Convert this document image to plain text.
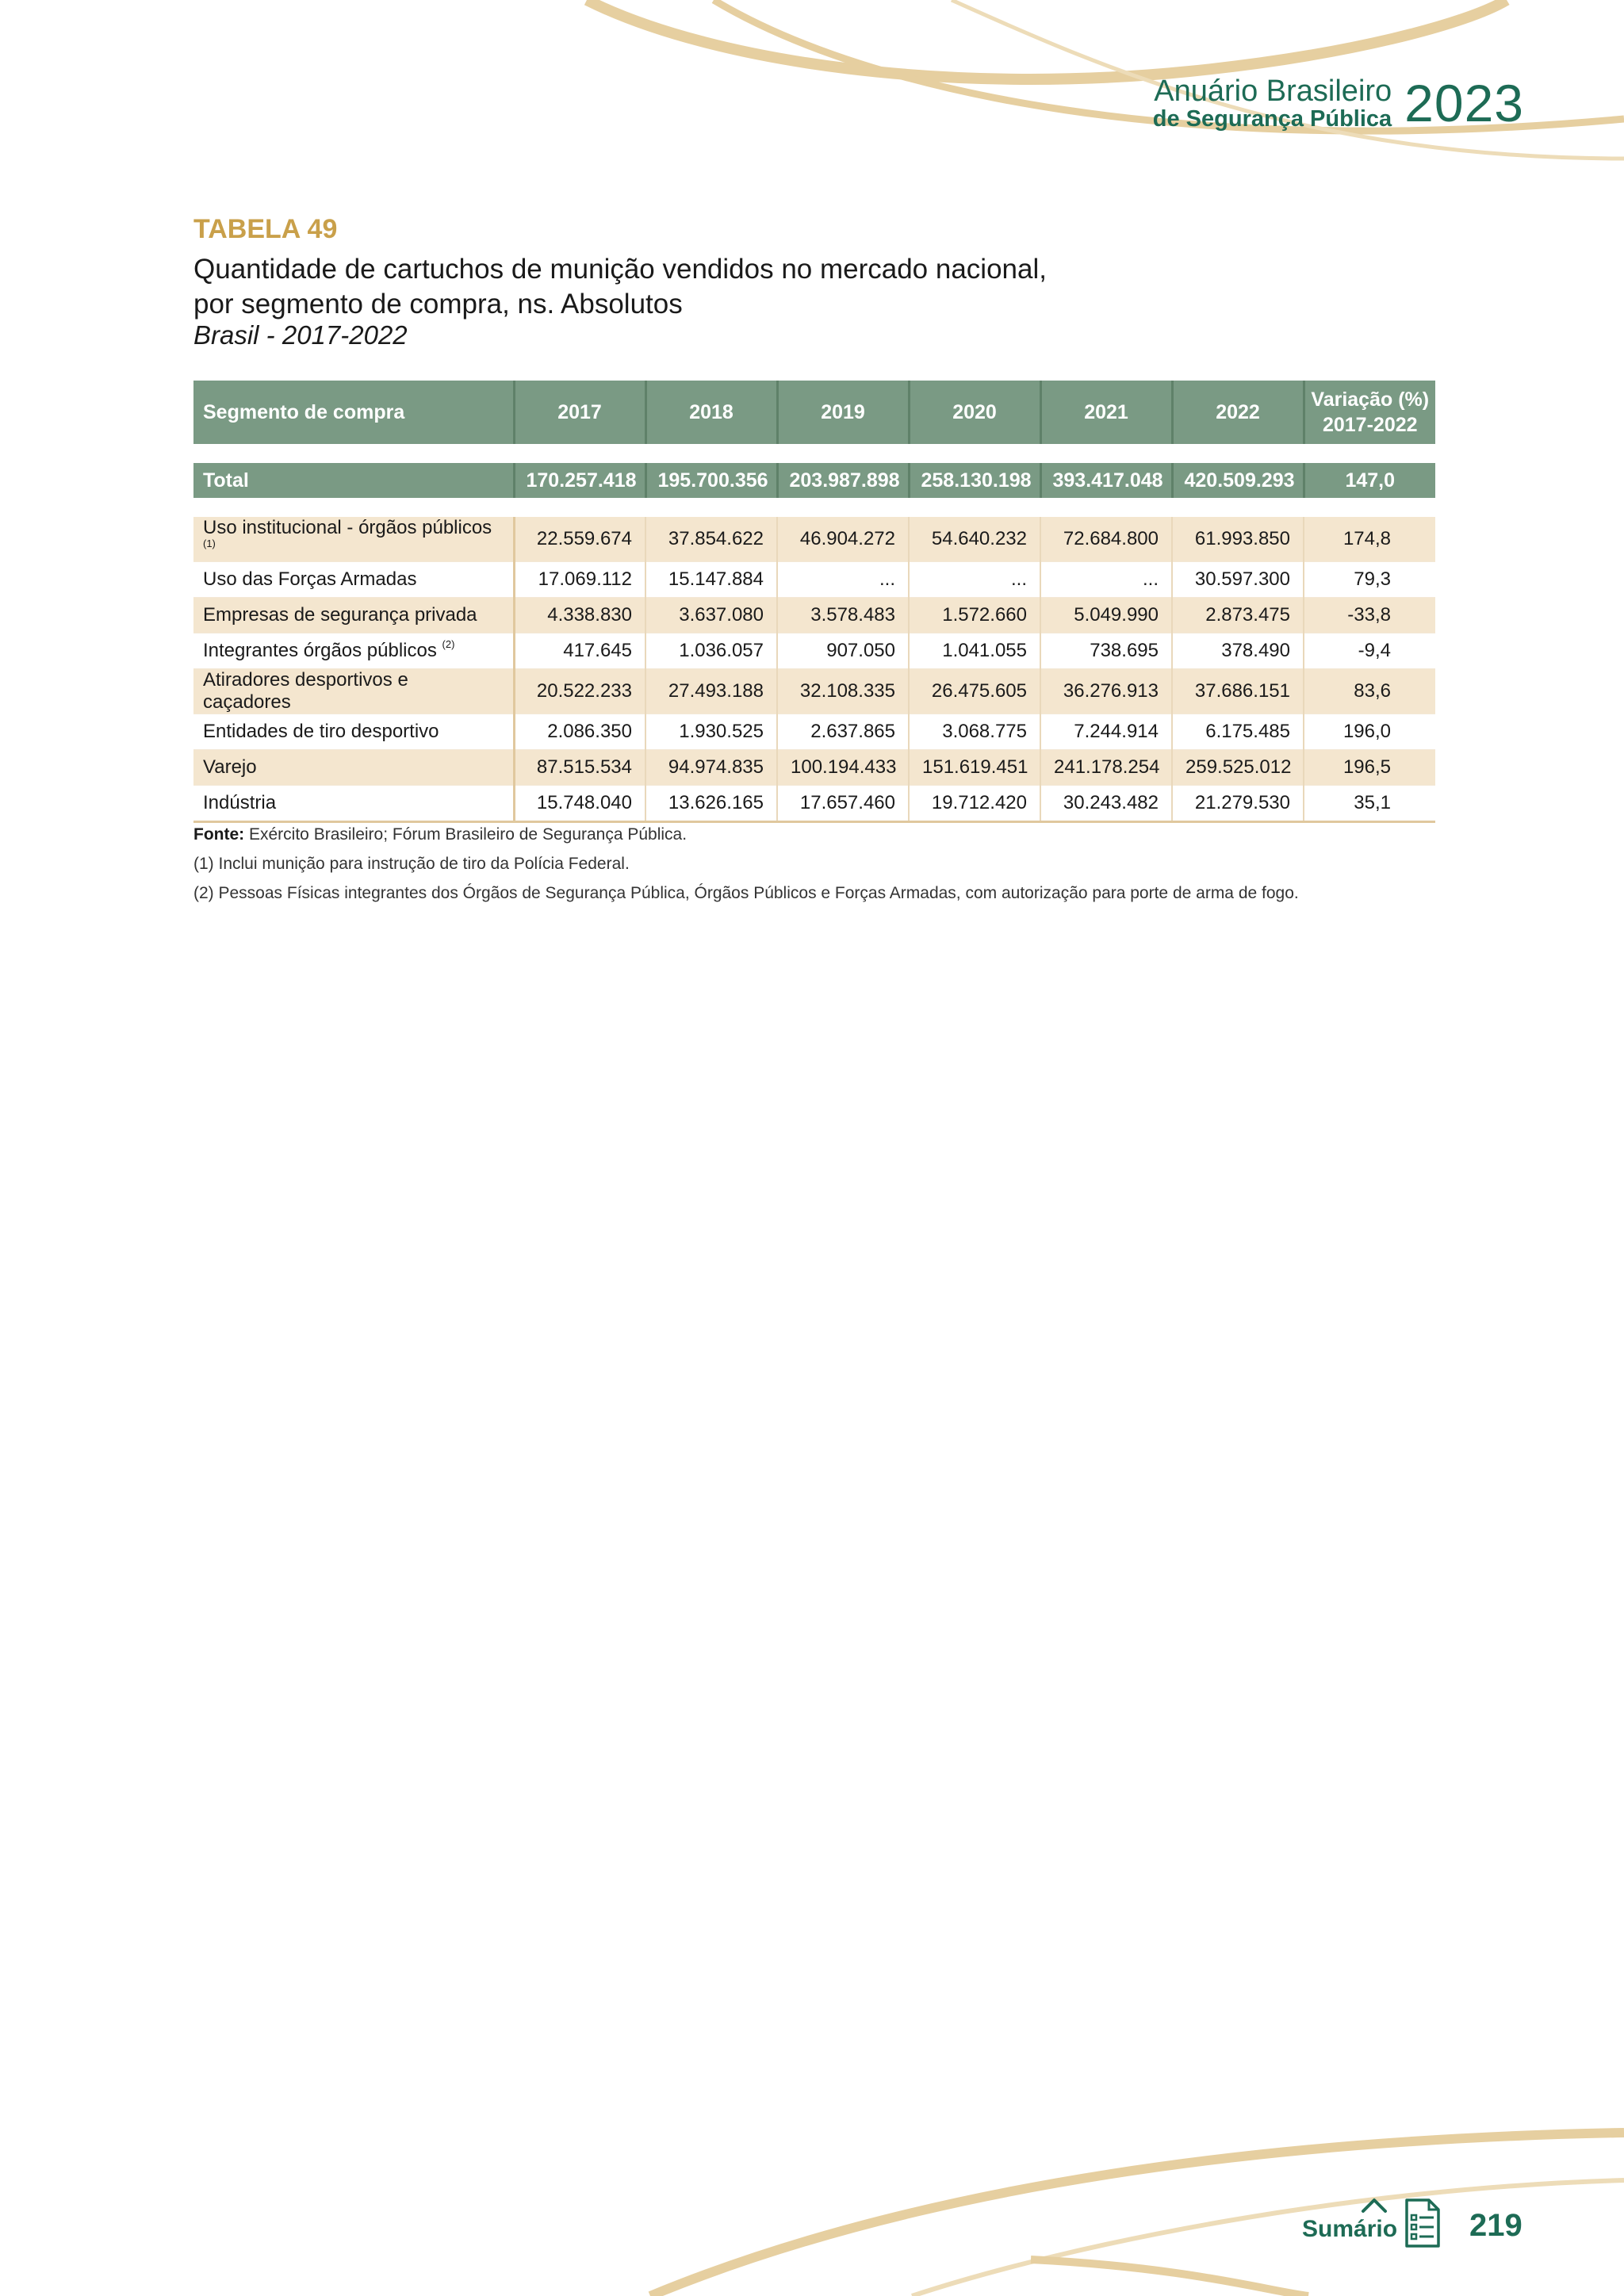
Anuário Brasileiro
de Segurança Pública 2023
TABELA 49
Quantidade de cartuchos de munição vendidos no mercado nacional,
por segmento de compra, ns. Absolutos
Brasil - 2017-2022
Segmento de compra	2017	2018	2019	2020	2021	2022	Variação (%)
2017-2022

Total	170.257.418	195.700.356	203.987.898	258.130.198	393.417.048	420.509.293	147,0

Uso institucional - órgãos públicos $^{(1)}$	22.559.674	37.854.622	46.904.272	54.640.232	72.684.800	61.993.850	174,8
Uso das Forças Armadas	17.069.112	15.147.884	...	...	...	30.597.300	79,3
Empresas de segurança privada	4.338.830	3.637.080	3.578.483	1.572.660	5.049.990	2.873.475	-33,8
Integrantes órgãos públicos $^{(2)}$	417.645	1.036.057	907.050	1.041.055	738.695	378.490	-9,4
Atiradores desportivos e caçadores	20.522.233	27.493.188	32.108.335	26.475.605	36.276.913	37.686.151	83,6
Entidades de tiro desportivo	2.086.350	1.930.525	2.637.865	3.068.775	7.244.914	6.175.485	196,0
Varejo	87.515.534	94.974.835	100.194.433	151.619.451	241.178.254	259.525.012	196,5
Indústria	15.748.040	13.626.165	17.657.460	19.712.420	30.243.482	21.279.530	35,1
Fonte: Exército Brasileiro; Fórum Brasileiro de Segurança Pública.
(1) Inclui munição para instrução de tiro da Polícia Federal.
(2) Pessoas Físicas integrantes dos Órgãos de Segurança Pública, Órgãos Públicos e Forças Armadas, com autorização para porte de arma de fogo.
Sumário 219
